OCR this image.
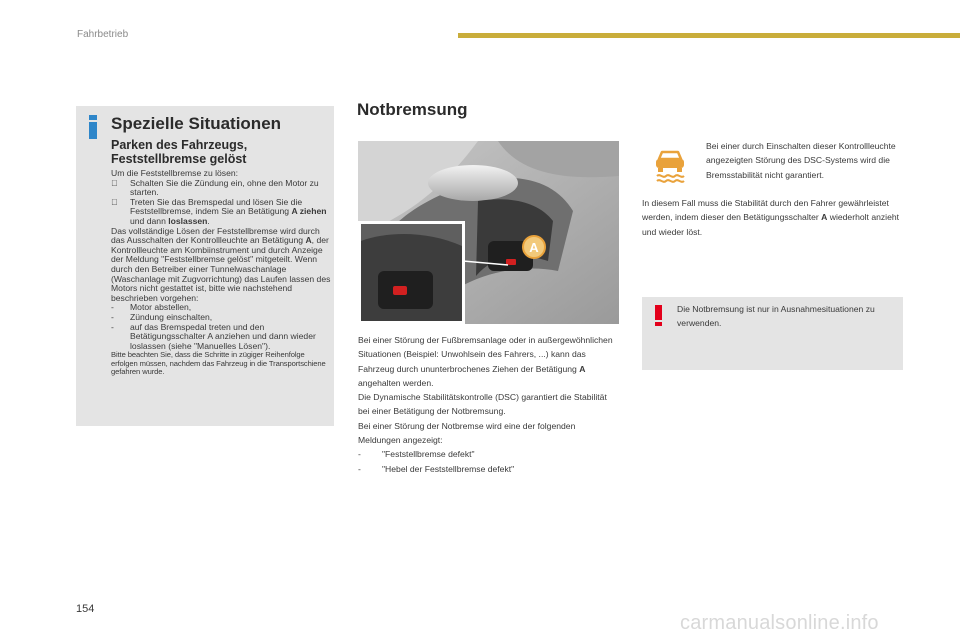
Fahrbetrieb
Spezielle Situationen
Parken des Fahrzeugs, Feststellbremse gelöst

Um die Feststellbremse zu lösen:

Schalten Sie die Zündung ein, ohne den Motor zu starten.
Treten Sie das Bremspedal und lösen Sie die Feststellbremse, indem Sie an Betätigung A ziehen und dann loslassen.

Das vollständige Lösen der Feststellbremse wird durch das Ausschalten der Kontrollleuchte an Betätigung A, der Kontrollleuchte am Kombiinstrument und durch Anzeige der Meldung "Feststellbremse gelöst" mitgeteilt. Wenn durch den Betreiber einer Tunnelwaschanlage (Waschanlage mit Zugvorrichtung) das Laufen lassen des Motors nicht gestattet ist, bitte wie nachstehend beschrieben vorgehen:

- Motor abstellen,
- Zündung einschalten,
- auf das Bremspedal treten und den Betätigungsschalter A anziehen und dann wieder loslassen (siehe "Manuelles Lösen").

Bitte beachten Sie, dass die Schritte in zügiger Reihenfolge erfolgen müssen, nachdem das Fahrzeug in die Transportschiene gefahren wurde.

Notbremsung
A

Bei einer Störung der Fußbremsanlage oder in außergewöhnlichen Situationen (Beispiel: Unwohlsein des Fahrers, ...) kann das Fahrzeug durch ununterbrochenes Ziehen der Betätigung A angehalten werden.

Die Dynamische Stabilitätskontrolle (DSC) garantiert die Stabilität bei einer Betätigung der Notbremsung.

Bei einer Störung der Notbremse wird eine der folgenden Meldungen angezeigt:

- "Feststellbremse defekt"
- "Hebel der Feststellbremse defekt"
Bei einer durch Einschalten dieser Kontrollleuchte angezeigten Störung des DSC-Systems wird die Bremsstabilität nicht garantiert.
In diesem Fall muss die Stabilität durch den Fahrer gewährleistet werden, indem dieser den Betätigungsschalter A wiederholt anzieht und wieder löst.
Die Notbremsung ist nur in Ausnahmesituationen zu verwenden.
154
carmanualsonline.info
